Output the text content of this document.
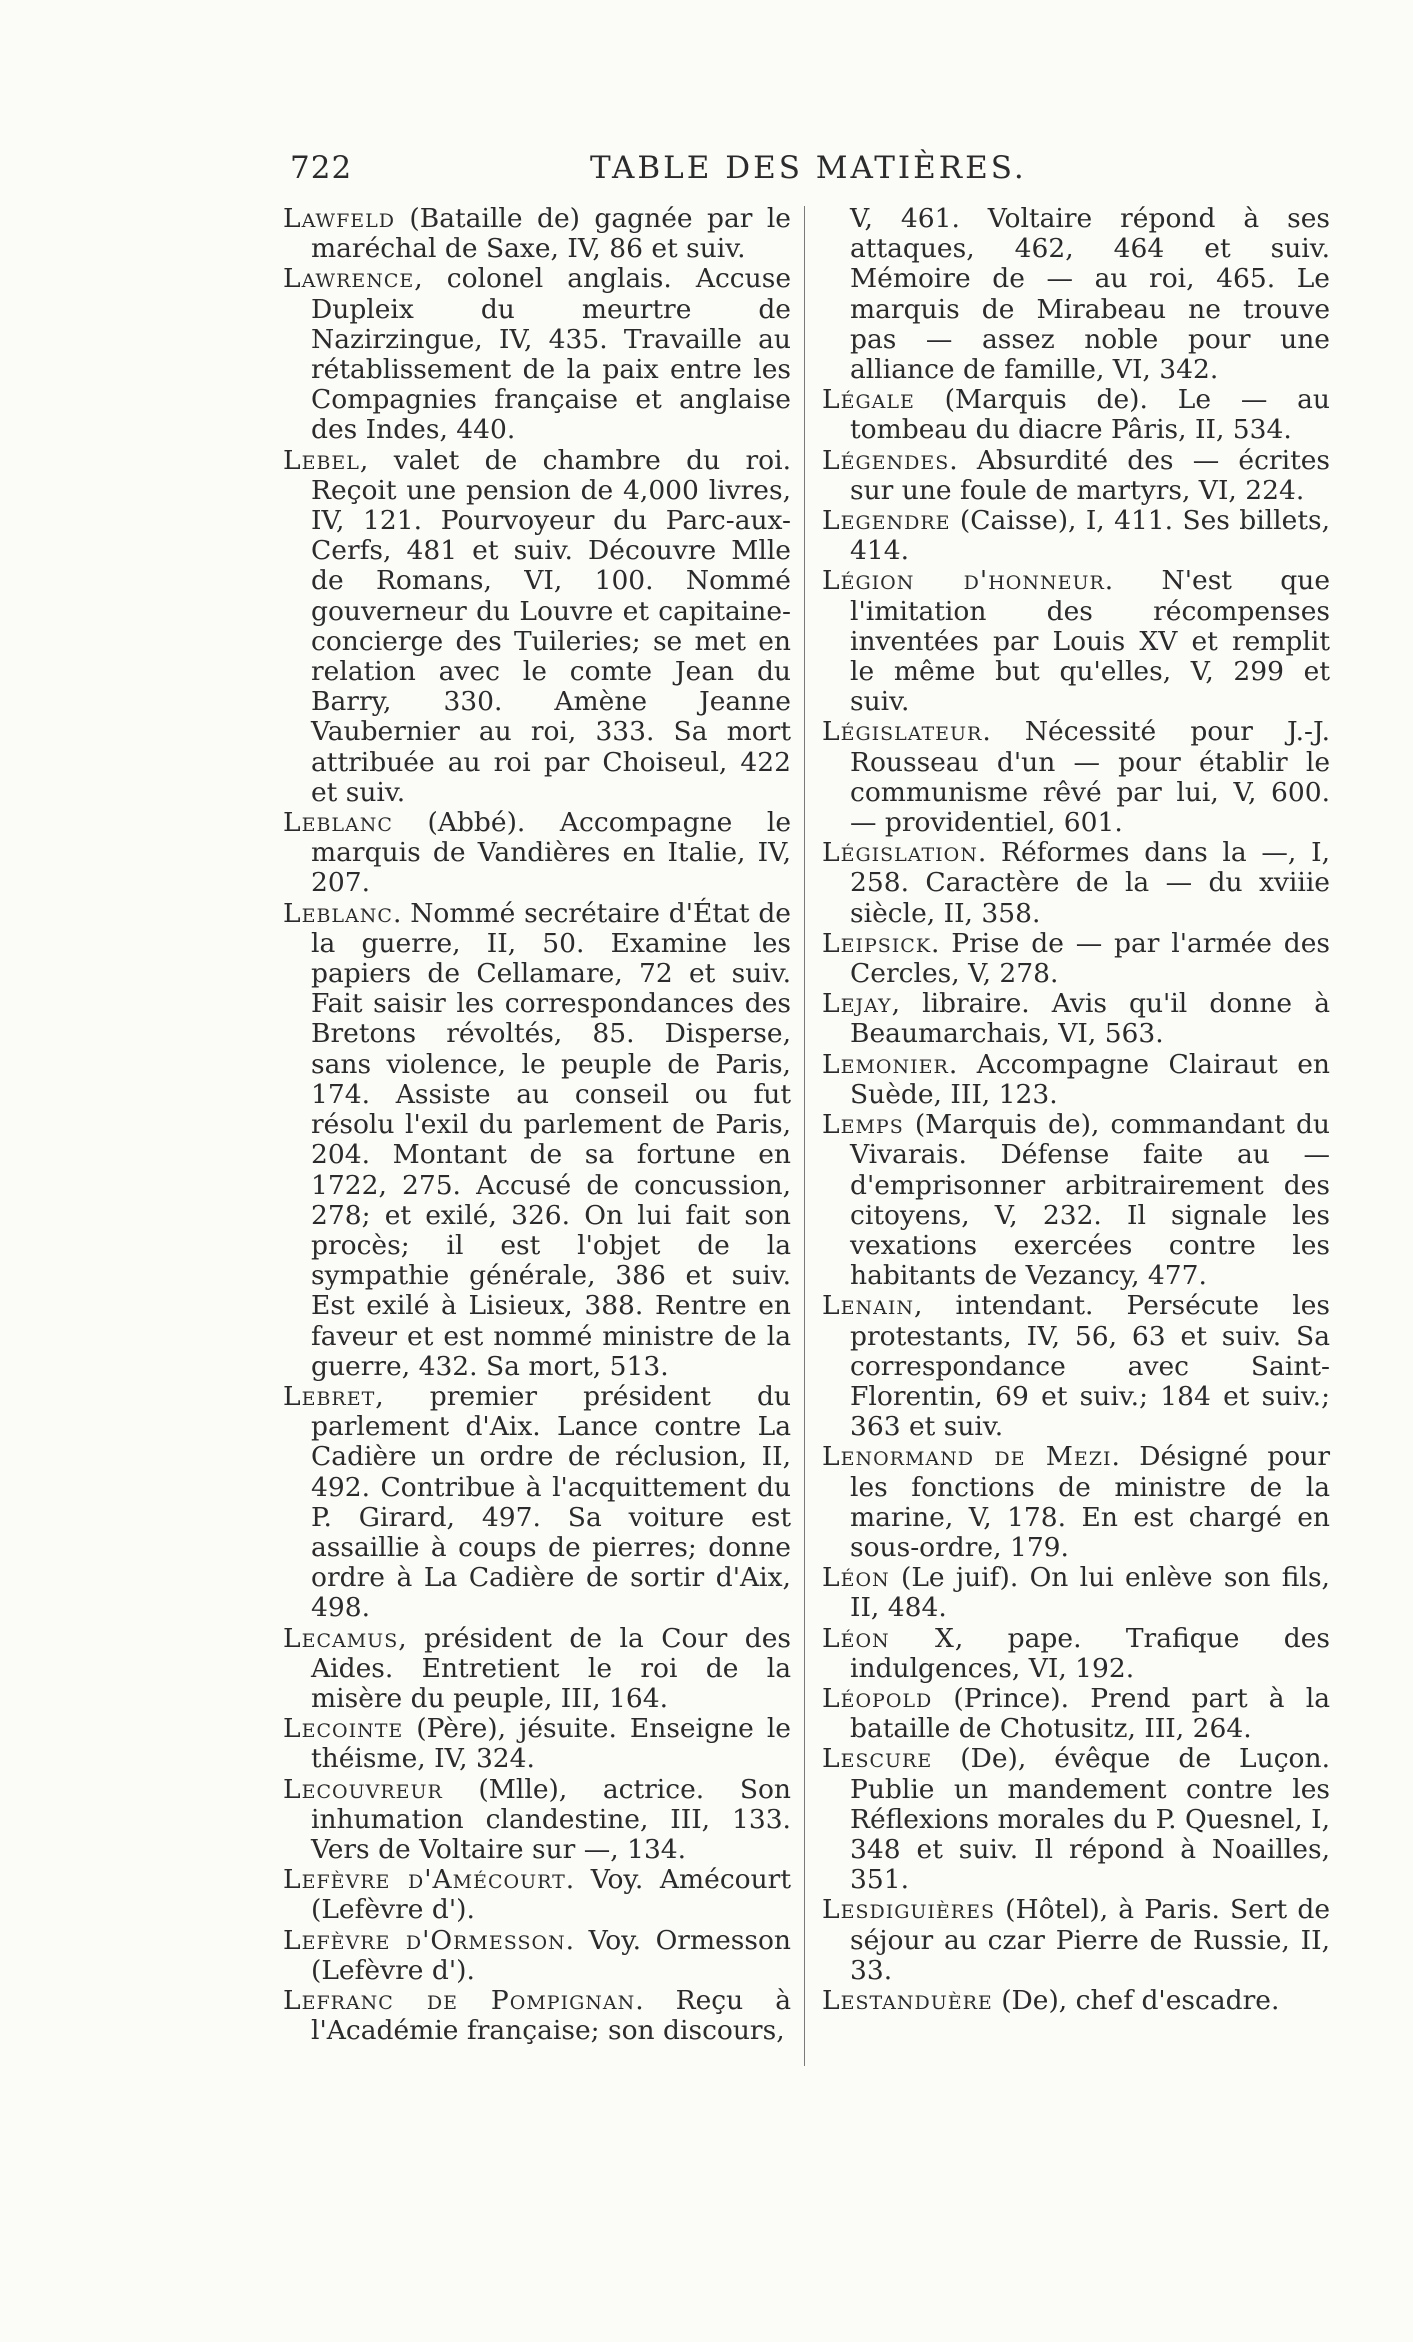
722	TABLE DES MATIÈRES.

Lawfeld (Bataille de) gagnée par le maréchal de Saxe, IV, 86 et suiv.

Lawrence, colonel anglais. Accuse Dupleix du meurtre de Nazirzingue, IV, 435. Travaille au rétablissement de la paix entre les Compagnies française et anglaise des Indes, 440.

Lebel, valet de chambre du roi. Reçoit une pension de 4,000 livres, IV, 121. Pourvoyeur du Parc-aux-Cerfs, 481 et suiv. Découvre Mlle de Romans, VI, 100. Nommé gouverneur du Louvre et capitaine-concierge des Tuileries; se met en relation avec le comte Jean du Barry, 330. Amène Jeanne Vaubernier au roi, 333. Sa mort attribuée au roi par Choiseul, 422 et suiv.

Leblanc (Abbé). Accompagne le marquis de Vandières en Italie, IV, 207.

Leblanc. Nommé secrétaire d'État de la guerre, II, 50. Examine les papiers de Cellamare, 72 et suiv. Fait saisir les correspondances des Bretons révoltés, 85. Disperse, sans violence, le peuple de Paris, 174. Assiste au conseil ou fut résolu l'exil du parlement de Paris, 204. Montant de sa fortune en 1722, 275. Accusé de concussion, 278; et exilé, 326. On lui fait son procès; il est l'objet de la sympathie générale, 386 et suiv. Est exilé à Lisieux, 388. Rentre en faveur et est nommé ministre de la guerre, 432. Sa mort, 513.

Lebret, premier président du parlement d'Aix. Lance contre La Cadière un ordre de réclusion, II, 492. Contribue à l'acquittement du P. Girard, 497. Sa voiture est assaillie à coups de pierres; donne ordre à La Cadière de sortir d'Aix, 498.

Lecamus, président de la Cour des Aides. Entretient le roi de la misère du peuple, III, 164.

Lecointe (Père), jésuite. Enseigne le théisme, IV, 324.

Lecouvreur (Mlle), actrice. Son inhumation clandestine, III, 133. Vers de Voltaire sur —, 134.

Lefèvre d'Amécourt. Voy. Amécourt (Lefèvre d').

Lefèvre d'Ormesson. Voy. Ormesson (Lefèvre d').

Lefranc de Pompignan. Reçu à l'Académie française; son discours,

V, 461. Voltaire répond à ses attaques, 462, 464 et suiv. Mémoire de — au roi, 465. Le marquis de Mirabeau ne trouve pas — assez noble pour une alliance de famille, VI, 342.

Légale (Marquis de). Le — au tombeau du diacre Pâris, II, 534.

Légendes. Absurdité des — écrites sur une foule de martyrs, VI, 224.

Legendre (Caisse), I, 411. Ses billets, 414.

Légion d'honneur. N'est que l'imitation des récompenses inventées par Louis XV et remplit le même but qu'elles, V, 299 et suiv.

Législateur. Nécessité pour J.-J. Rousseau d'un — pour établir le communisme rêvé par lui, V, 600. — providentiel, 601.

Législation. Réformes dans la —, I, 258. Caractère de la — du xviiie siècle, II, 358.

Leipsick. Prise de — par l'armée des Cercles, V, 278.

Lejay, libraire. Avis qu'il donne à Beaumarchais, VI, 563.

Lemonier. Accompagne Clairaut en Suède, III, 123.

Lemps (Marquis de), commandant du Vivarais. Défense faite au — d'emprisonner arbitrairement des citoyens, V, 232. Il signale les vexations exercées contre les habitants de Vezancy, 477.

Lenain, intendant. Persécute les protestants, IV, 56, 63 et suiv. Sa correspondance avec Saint-Florentin, 69 et suiv.; 184 et suiv.; 363 et suiv.

Lenormand de Mezi. Désigné pour les fonctions de ministre de la marine, V, 178. En est chargé en sous-ordre, 179.

Léon (Le juif). On lui enlève son fils, II, 484.

Léon X, pape. Trafique des indulgences, VI, 192.

Léopold (Prince). Prend part à la bataille de Chotusitz, III, 264.

Lescure (De), évêque de Luçon. Publie un mandement contre les Réflexions morales du P. Quesnel, I, 348 et suiv. Il répond à Noailles, 351.

Lesdiguières (Hôtel), à Paris. Sert de séjour au czar Pierre de Russie, II, 33.

Lestanduère (De), chef d'escadre.
